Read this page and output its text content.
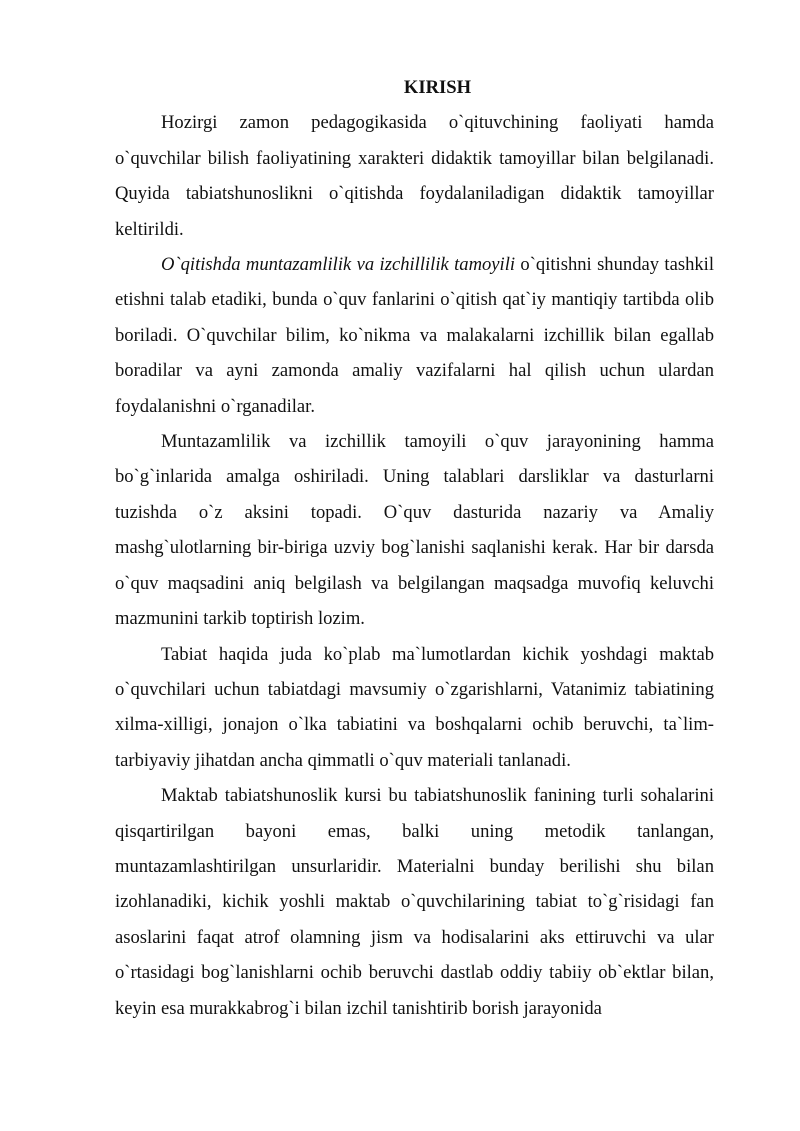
KIRISH

Hozirgi zamon pedagogikasida o`qituvchining faoliyati hamda o`quvchilar bilish faoliyatining xarakteri didaktik tamoyillar bilan belgilanadi. Quyida tabiatshunoslikni o`qitishda foydalaniladigan didaktik tamoyillar keltirildi.

O`qitishda muntazamlilik va izchillilik tamoyili o`qitishni shunday tashkil etishni talab etadiki, bunda o`quv fanlarini o`qitish qat`iy mantiqiy tartibda olib boriladi. O`quvchilar bilim, ko`nikma va malakalarni izchillik bilan egallab boradilar va ayni zamonda amaliy vazifalarni hal qilish uchun ulardan foydalanishni o`rganadilar.

Muntazamlilik va izchillik tamoyili o`quv jarayonining hamma bo`g`inlarida amalga oshiriladi. Uning talablari darsliklar va dasturlarni tuzishda o`z aksini topadi. O`quv dasturida nazariy va Amaliy mashg`ulotlarning bir-biriga uzviy bog`lanishi saqlanishi kerak. Har bir darsda o`quv maqsadini aniq belgilash va belgilangan maqsadga muvofiq keluvchi mazmunini tarkib toptirish lozim.

Tabiat haqida juda ko`plab ma`lumotlardan kichik yoshdagi maktab o`quvchilari uchun tabiatdagi mavsumiy o`zgarishlarni, Vatanimiz tabiatining xilma-xilligi, jonajon o`lka tabiatini va boshqalarni ochib beruvchi, ta`lim-tarbiyaviy jihatdan ancha qimmatli o`quv materiali tanlanadi.

Maktab tabiatshunoslik kursi bu tabiatshunoslik fanining turli sohalarini qisqartirilgan bayoni emas, balki uning metodik tanlangan, muntazamlashtirilgan unsurlaridir. Materialni bunday berilishi shu bilan izohlanadiki, kichik yoshli maktab o`quvchilarining tabiat to`g`risidagi fan asoslarini faqat atrof olamning jism va hodisalarini aks ettiruvchi va ular o`rtasidagi bog`lanishlarni ochib beruvchi dastlab oddiy tabiiy ob`ektlar bilan, keyin esa murakkabrog`i bilan izchil tanishtirib borish jarayonida
